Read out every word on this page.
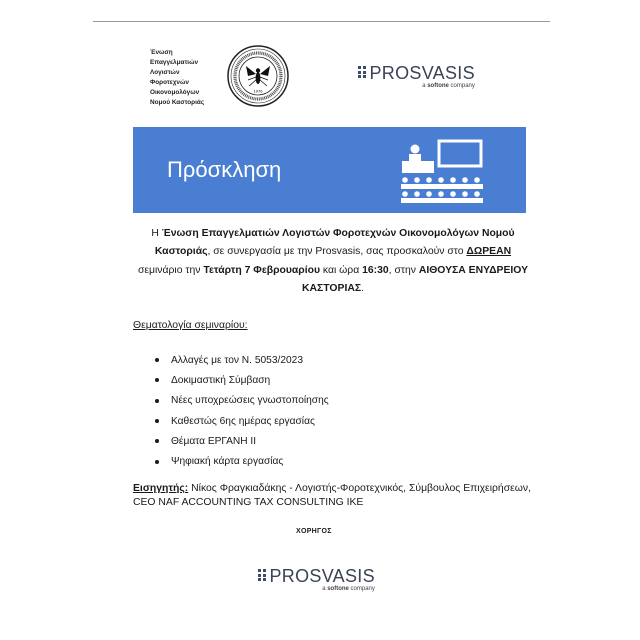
Ένωση
Επαγγελματιών
Λογιστών
Φοροτεχνών
Οικονομολόγων
Νομού Καστοριάς
1976
PROSVASIS
a softone company
Πρόσκληση
Η Ένωση Επαγγελματιών Λογιστών Φοροτεχνών Οικονομολόγων Νομού Καστοριάς, σε συνεργασία με την Prosvasis, σας προσκαλούν στο ΔΩΡΕΑΝ σεμινάριο την Τετάρτη 7 Φεβρουαρίου και ώρα 16:30, στην ΑΙΘΟΥΣΑ ΕΝΥΔΡΕΙΟΥ ΚΑΣΤΟΡΙΑΣ.
Θεματολογία σεμιναρίου:
Αλλαγές με τον Ν. 5053/2023
Δοκιμαστική Σύμβαση
Νέες υποχρεώσεις γνωστοποίησης
Καθεστώς 6ης ημέρας εργασίας
Θέματα ΕΡΓΑΝΗ ΙΙ
Ψηφιακή κάρτα εργασίας
Εισηγητής: Νίκος Φραγκιαδάκης - Λογιστής-Φοροτεχνικός, Σύμβουλος Επιχειρήσεων, CEO NAF ACCOUNTING TAX CONSULTING IKE
ΧΟΡΗΓΟΣ
PROSVASIS
a softone company
